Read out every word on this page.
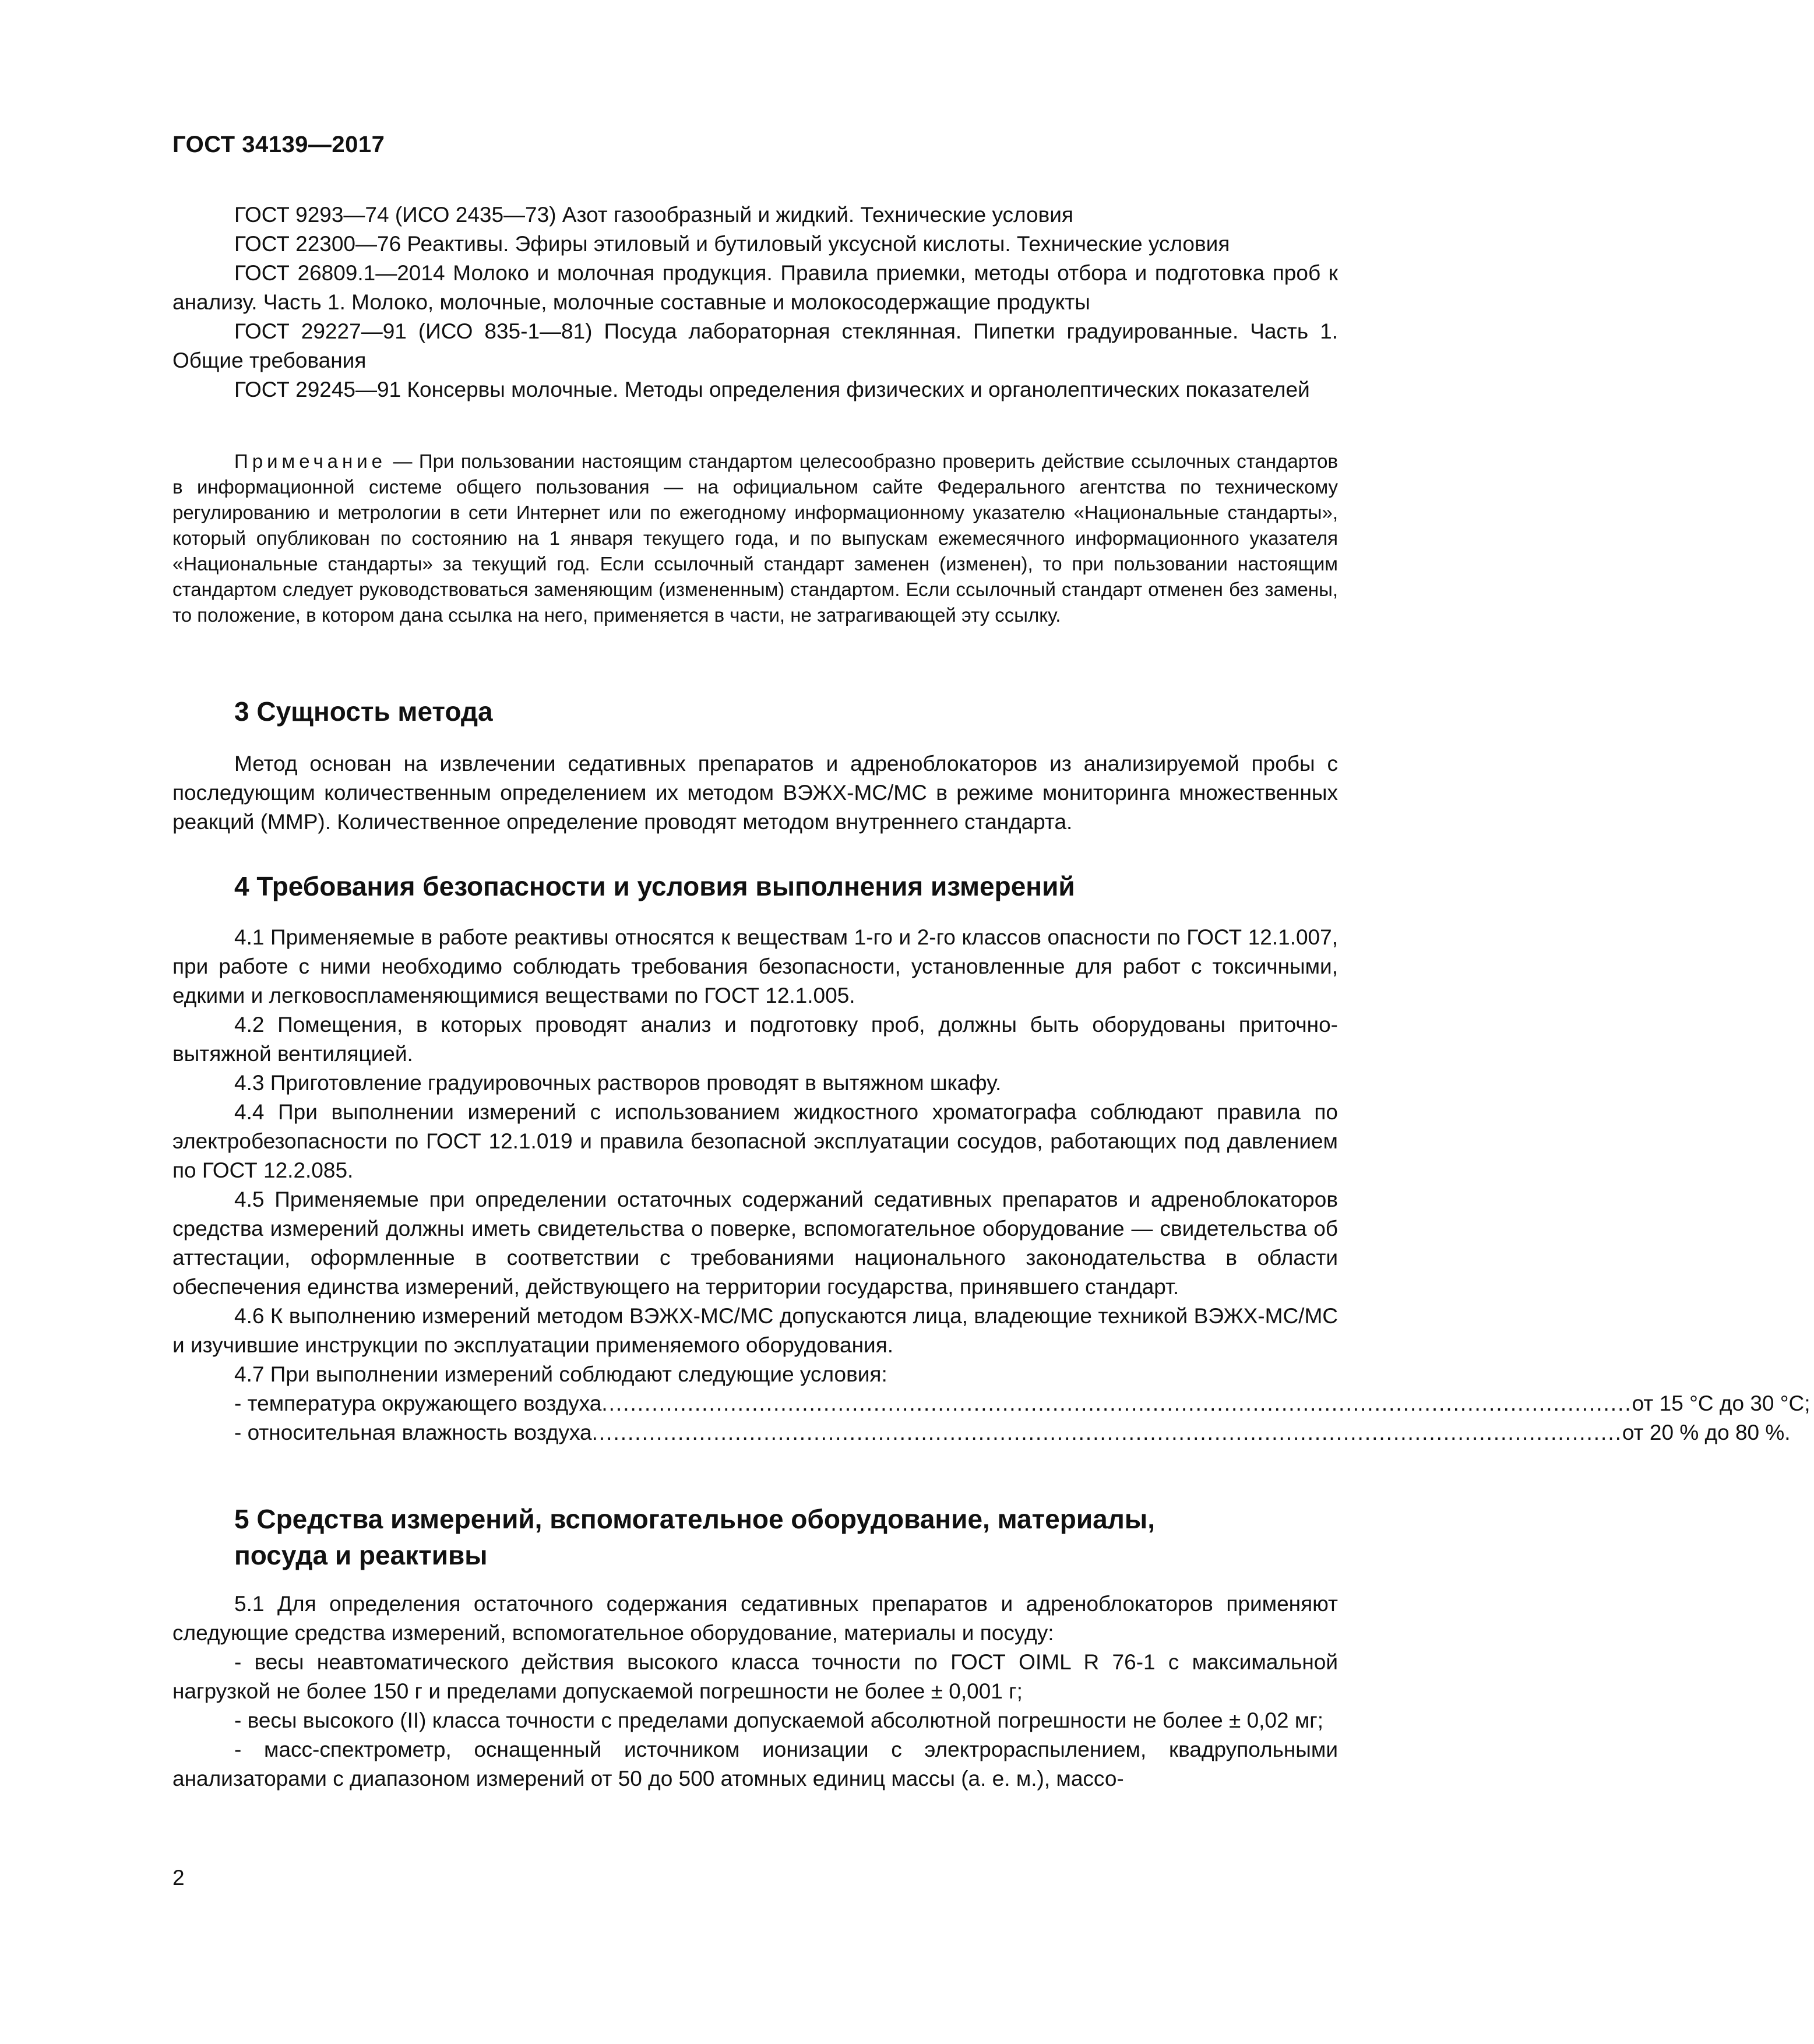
ГОСТ 34139—2017

ГОСТ 9293—74 (ИСО 2435—73) Азот газообразный и жидкий. Технические условия

ГОСТ 22300—76 Реактивы. Эфиры этиловый и бутиловый уксусной кислоты. Технические условия

ГОСТ 26809.1—2014 Молоко и молочная продукция. Правила приемки, методы отбора и подготовка проб к анализу. Часть 1. Молоко, молочные, молочные составные и молокосодержащие продукты

ГОСТ 29227—91 (ИСО 835-1—81) Посуда лабораторная стеклянная. Пипетки градуированные. Часть 1. Общие требования

ГОСТ 29245—91 Консервы молочные. Методы определения физических и органолептических показателей

Примечание — При пользовании настоящим стандартом целесообразно проверить действие ссылочных стандартов в информационной системе общего пользования — на официальном сайте Федерального агентства по техническому регулированию и метрологии в сети Интернет или по ежегодному информационному указателю «Национальные стандарты», который опубликован по состоянию на 1 января текущего года, и по выпускам ежемесячного информационного указателя «Национальные стандарты» за текущий год. Если ссылочный стандарт заменен (изменен), то при пользовании настоящим стандартом следует руководствоваться заменяющим (измененным) стандартом. Если ссылочный стандарт отменен без замены, то положение, в котором дана ссылка на него, применяется в части, не затрагивающей эту ссылку.
3 Сущность метода

Метод основан на извлечении седативных препаратов и адреноблокаторов из анализируемой пробы с последующим количественным определением их методом ВЭЖХ-МС/МС в режиме мониторинга множественных реакций (ММР). Количественное определение проводят методом внутреннего стандарта.

4 Требования безопасности и условия выполнения измерений

4.1 Применяемые в работе реактивы относятся к веществам 1-го и 2-го классов опасности по ГОСТ 12.1.007, при работе с ними необходимо соблюдать требования безопасности, установленные для работ с токсичными, едкими и легковоспламеняющимися веществами по ГОСТ 12.1.005.

4.2 Помещения, в которых проводят анализ и подготовку проб, должны быть оборудованы приточно-вытяжной вентиляцией.

4.3 Приготовление градуировочных растворов проводят в вытяжном шкафу.

4.4 При выполнении измерений с использованием жидкостного хроматографа соблюдают правила по электробезопасности по ГОСТ 12.1.019 и правила безопасной эксплуатации сосудов, работающих под давлением по ГОСТ 12.2.085.

4.5 Применяемые при определении остаточных содержаний седативных препаратов и адреноблокаторов средства измерений должны иметь свидетельства о поверке, вспомогательное оборудование — свидетельства об аттестации, оформленные в соответствии с требованиями национального законодательства в области обеспечения единства измерений, действующего на территории государства, принявшего стандарт.

4.6 К выполнению измерений методом ВЭЖХ-МС/МС допускаются лица, владеющие техникой ВЭЖХ-МС/МС и изучившие инструкции по эксплуатации применяемого оборудования.

4.7 При выполнении измерений соблюдают следующие условия:

- температура окружающего воздуха ................................................................................................................................................ от 15 °С до 30 °С;
- относительная влажность воздуха ................................................................................................................................................ от 20 % до 80 %.
5 Средства измерений, вспомогательное оборудование, материалы,
посуда и реактивы

5.1 Для определения остаточного содержания седативных препаратов и адреноблокаторов применяют следующие средства измерений, вспомогательное оборудование, материалы и посуду:

- весы неавтоматического действия высокого класса точности по ГОСТ OIML R 76-1 с максимальной нагрузкой не более 150 г и пределами допускаемой погрешности не более ± 0,001 г;

- весы высокого (II) класса точности с пределами допускаемой абсолютной погрешности не более ± 0,02 мг;

- масс-спектрометр, оснащенный источником ионизации с электрораспылением, квадрупольными анализаторами с диапазоном измерений от 50 до 500 атомных единиц массы (а. е. м.), массо-

2
